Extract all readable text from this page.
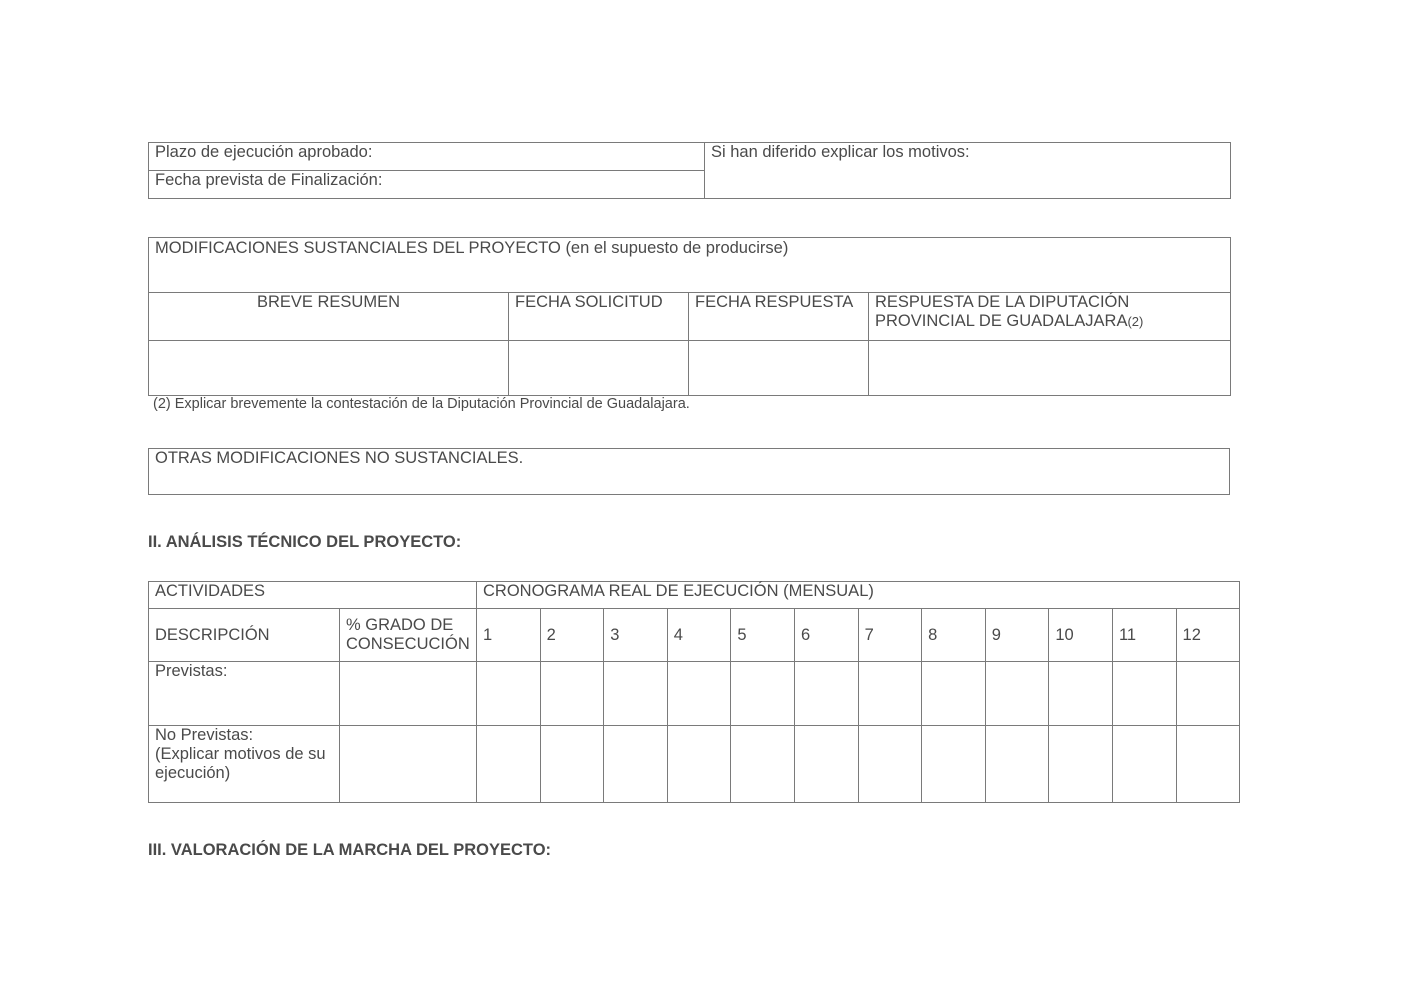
Plazo de ejecución aprobado:	Si han diferido explicar los motivos:
Fecha prevista de Finalización:
MODIFICACIONES SUSTANCIALES DEL PROYECTO (en el supuesto de producirse)			
BREVE RESUMEN	FECHA SOLICITUD	FECHA RESPUESTA	RESPUESTA DE LA DIPUTACIÓN PROVINCIAL DE GUADALAJARA(2)

(2) Explicar brevemente la contestación de la Diputación Provincial de Guadalajara.
OTRAS MODIFICACIONES NO SUSTANCIALES.
II. ANÁLISIS TÉCNICO DEL PROYECTO:
ACTIVIDADES		CRONOGRAMA REAL DE EJECUCIÓN (MENSUAL)											
DESCRIPCIÓN	% GRADO DE CONSECUCIÓN	1	2	3	4	5	6	7	8	9	10	11	12
Previstas:													
No Previstas:
(Explicar motivos de su ejecución)													
III. VALORACIÓN DE LA MARCHA DEL PROYECTO:
